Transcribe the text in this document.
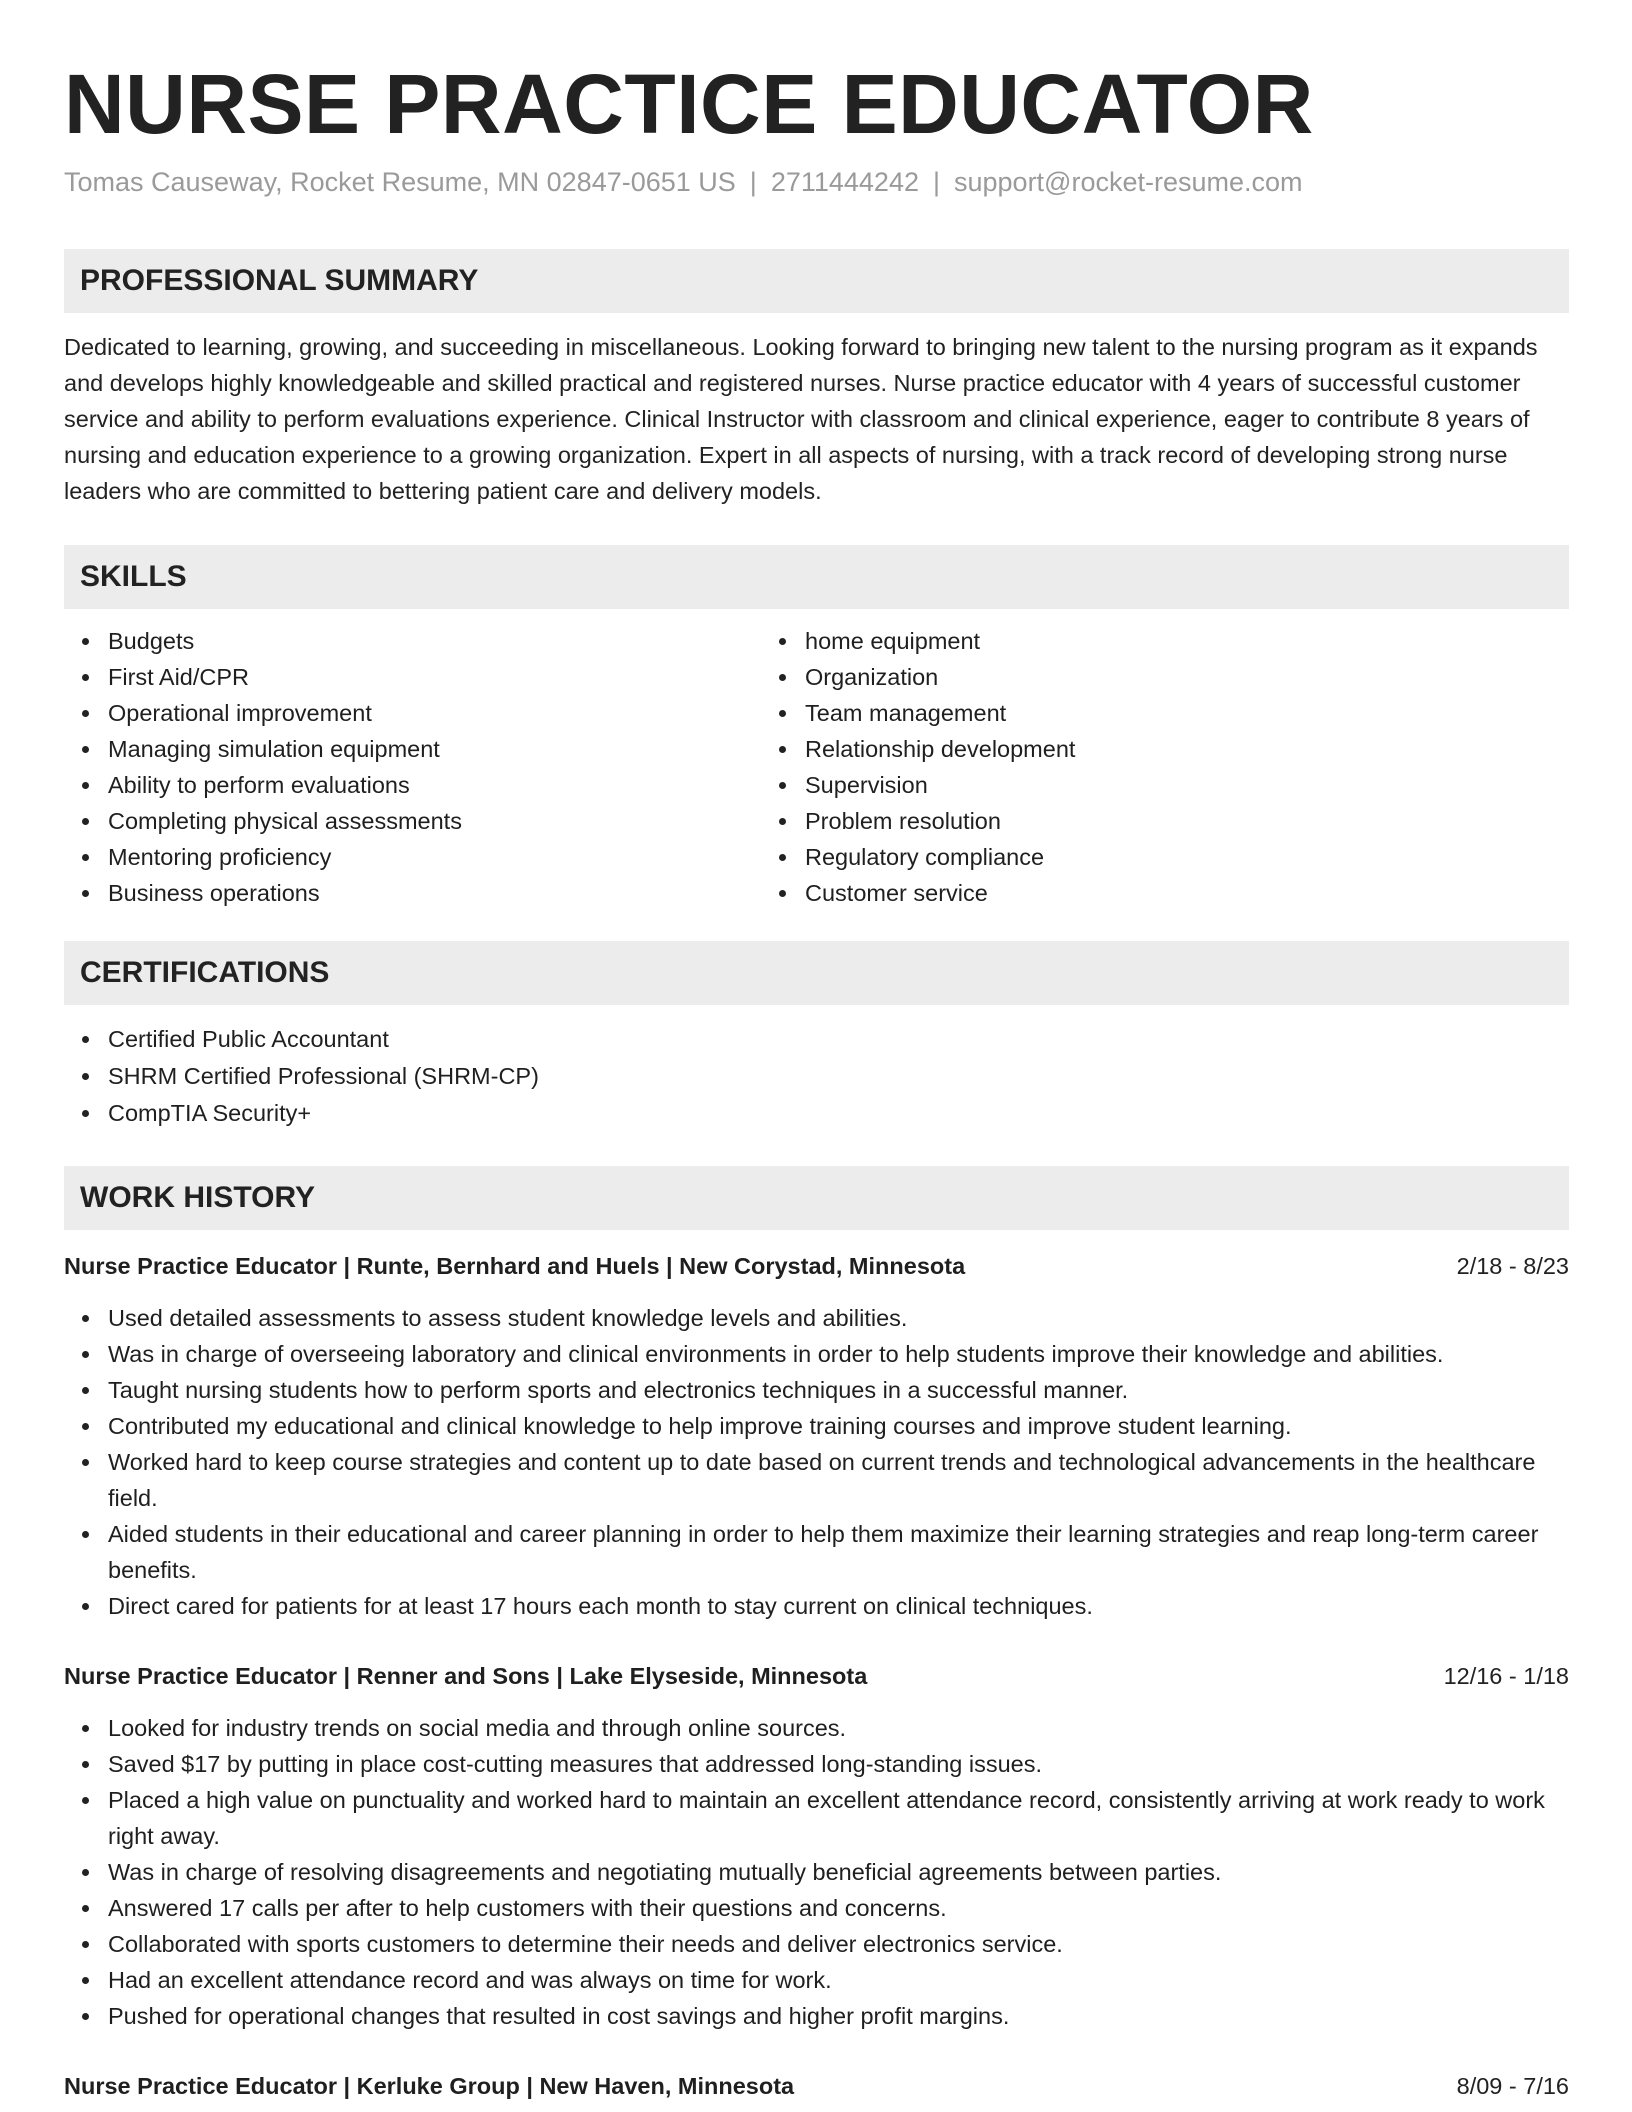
NURSE PRACTICE EDUCATOR
Tomas Causeway, Rocket Resume, MN 02847-0651 US | 2711444242 | support@rocket-resume.com
PROFESSIONAL SUMMARY

Dedicated to learning, growing, and succeeding in miscellaneous. Looking forward to bringing new talent to the nursing program as it expands and develops highly knowledgeable and skilled practical and registered nurses. Nurse practice educator with 4 years of successful customer service and ability to perform evaluations experience. Clinical Instructor with classroom and clinical experience, eager to contribute 8 years of nursing and education experience to a growing organization. Expert in all aspects of nursing, with a track record of developing strong nurse leaders who are committed to bettering patient care and delivery models.

SKILLS
Budgets
First Aid/CPR
Operational improvement
Managing simulation equipment
Ability to perform evaluations
Completing physical assessments
Mentoring proficiency
Business operations
home equipment
Organization
Team management
Relationship development
Supervision
Problem resolution
Regulatory compliance
Customer service
CERTIFICATIONS
Certified Public Accountant
SHRM Certified Professional (SHRM-CP)
CompTIA Security+
WORK HISTORY
Nurse Practice Educator | Runte, Bernhard and Huels | New Corystad, Minnesota	2/18 - 8/23
Used detailed assessments to assess student knowledge levels and abilities.
Was in charge of overseeing laboratory and clinical environments in order to help students improve their knowledge and abilities.
Taught nursing students how to perform sports and electronics techniques in a successful manner.
Contributed my educational and clinical knowledge to help improve training courses and improve student learning.
Worked hard to keep course strategies and content up to date based on current trends and technological advancements in the healthcare field.
Aided students in their educational and career planning in order to help them maximize their learning strategies and reap long-term career benefits.
Direct cared for patients for at least 17 hours each month to stay current on clinical techniques.
Nurse Practice Educator | Renner and Sons | Lake Elyseside, Minnesota	12/16 - 1/18
Looked for industry trends on social media and through online sources.
Saved $17 by putting in place cost-cutting measures that addressed long-standing issues.
Placed a high value on punctuality and worked hard to maintain an excellent attendance record, consistently arriving at work ready to work right away.
Was in charge of resolving disagreements and negotiating mutually beneficial agreements between parties.
Answered 17 calls per after to help customers with their questions and concerns.
Collaborated with sports customers to determine their needs and deliver electronics service.
Had an excellent attendance record and was always on time for work.
Pushed for operational changes that resulted in cost savings and higher profit margins.
Nurse Practice Educator | Kerluke Group | New Haven, Minnesota	8/09 - 7/16
